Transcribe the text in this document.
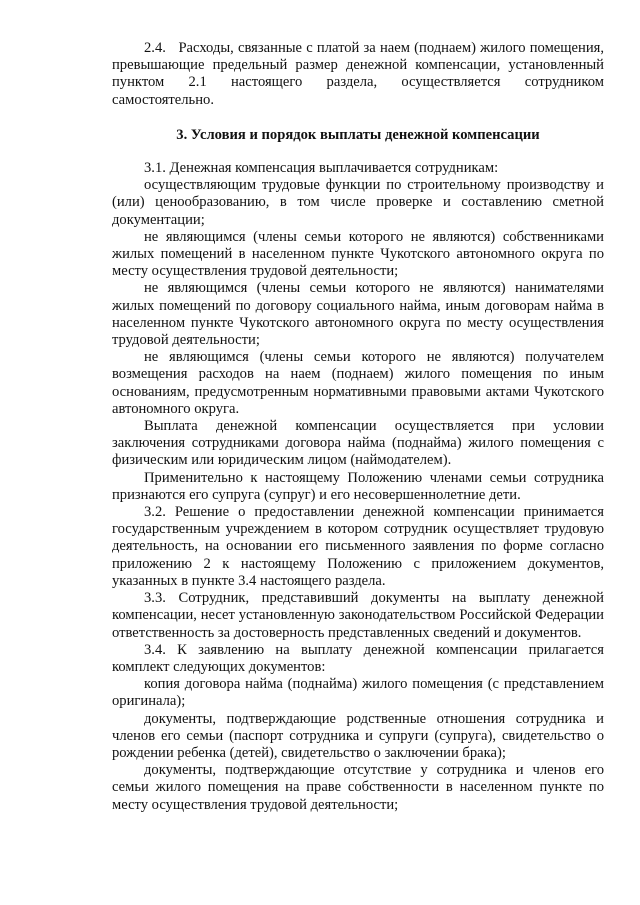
2.4.   Расходы, связанные с платой за наем (поднаем) жилого помещения, превышающие предельный размер денежной компенсации, установленный пунктом 2.1 настоящего раздела, осуществляется сотрудником самостоятельно.

3. Условия и порядок выплаты денежной компенсации

3.1. Денежная компенсация выплачивается сотрудникам:

осуществляющим трудовые функции по строительному производству и (или) ценообразованию, в том числе проверке и составлению сметной документации;

не являющимся (члены семьи которого не являются) собственниками жилых помещений в населенном пункте Чукотского автономного округа по месту осуществления трудовой деятельности;

не являющимся (члены семьи которого не являются) нанимателями жилых помещений по договору социального найма, иным договорам найма в населенном пункте Чукотского автономного округа по месту осуществления трудовой деятельности;

не являющимся (члены семьи которого не являются) получателем возмещения расходов на наем (поднаем) жилого помещения по иным основаниям, предусмотренным нормативными правовыми актами Чукотского автономного округа.

Выплата денежной компенсации осуществляется при условии заключения сотрудниками договора найма (поднайма) жилого помещения с физическим или юридическим лицом (наймодателем).

Применительно к настоящему Положению членами семьи сотрудника признаются его супруга (супруг) и его несовершеннолетние дети.

3.2. Решение о предоставлении денежной компенсации принимается государственным учреждением в котором сотрудник осуществляет трудовую деятельность, на основании его письменного заявления по форме согласно приложению 2 к настоящему Положению с приложением документов, указанных в пункте 3.4 настоящего раздела.

3.3. Сотрудник, представивший документы на выплату денежной компенсации, несет установленную законодательством Российской Федерации ответственность за достоверность представленных сведений и документов.

3.4. К заявлению на выплату денежной компенсации прилагается комплект следующих документов:

копия договора найма (поднайма) жилого помещения (с представлением оригинала);

документы, подтверждающие родственные отношения сотрудника и членов его семьи (паспорт сотрудника и супруги (супруга), свидетельство о рождении ребенка (детей), свидетельство о заключении брака);

документы, подтверждающие отсутствие у сотрудника и членов его семьи жилого помещения на праве собственности в населенном пункте по месту осуществления трудовой деятельности;
